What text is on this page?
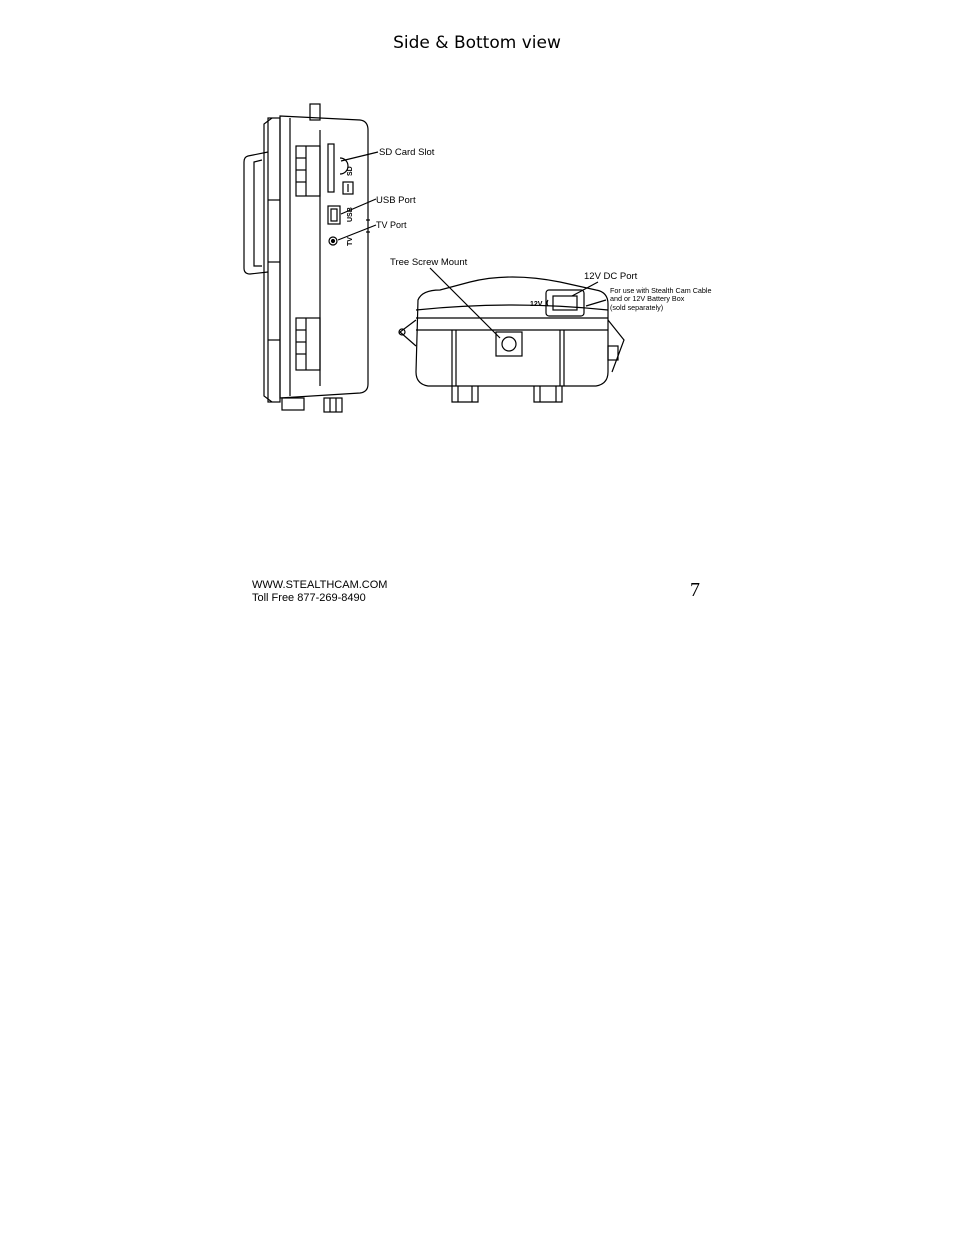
Side & Bottom view
SD
USB
TV
12V
SD Card Slot
USB Port
TV Port
Tree Screw Mount
12V DC Port
For use with Stealth Cam Cable
and or 12V Battery Box
(sold separately)
WWW.STEALTHCAM.COM
Toll Free 877-269-8490	7
